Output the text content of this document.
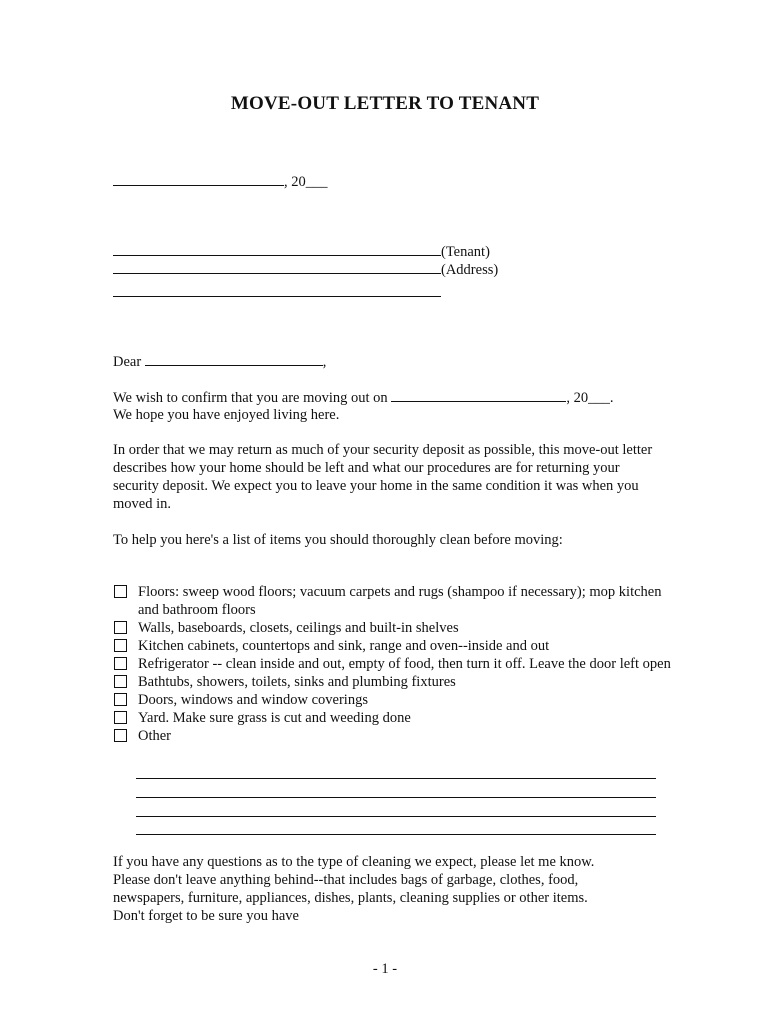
MOVE-OUT LETTER TO TENANT
, 20___
(Tenant)
(Address)
Dear	,
We wish to confirm that you are moving out on	, 20___.
We hope you have enjoyed living here.

In order that we may return as much of your security deposit as possible, this move-out letter describes how your home should be left and what our procedures are for returning your security deposit. We expect you to leave your home in the same condition it was when you moved in.

To help you here's a list of items you should thoroughly clean before moving:
Floors: sweep wood floors; vacuum carpets and rugs (shampoo if necessary); mop kitchen and bathroom floors
Walls, baseboards, closets, ceilings and built-in shelves
Kitchen cabinets, countertops and sink, range and oven--inside and out
Refrigerator -- clean inside and out, empty of food, then turn it off. Leave the door left open
Bathtubs, showers, toilets, sinks and plumbing fixtures
Doors, windows and window coverings
Yard. Make sure grass is cut and weeding done
Other

If you have any questions as to the type of cleaning we expect, please let me know. Please don't leave anything behind--that includes bags of garbage, clothes, food, newspapers, furniture, appliances, dishes, plants, cleaning supplies or other items. Don't forget to be sure you have

- 1 -
